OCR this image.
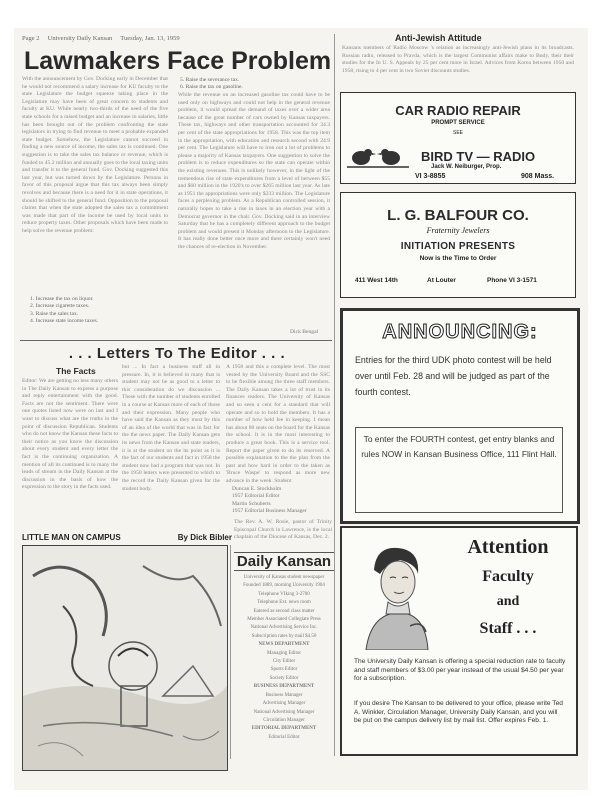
Page 2 University Daily Kansan Tuesday, Jan. 13, 1959
Lawmakers Face Problem
With the announcement by Gov. Docking early in December that he would not recommend a salary increase for KU faculty to the state Legislature the budget squeeze taking place in the Legislature may have been of great concern to students and faculty at KU. While nearly two-thirds of the need of the five state schools for a raised budget and an increase in salaries, little has been brought out of the problem confronting the state legislators in trying to find revenue to meet a probable expanded state budget. Somehow, the Legislature cannot succeed in finding a new source of income, the sales tax is continued. One suggestion is to take the sales tax balance or revenue, which is funded to 45.2 million and annually goes to the local taxing units and transfer it to the general fund. Gov. Docking suggested this last year, but was turned down by the Legislature. Persons in favor of this proposal argue that this tax always been simply revolves and because there is a need for it in state operations, it should be shifted to the general fund. Opposition to the proposal claims that when the state adopted the sales tax a commitment was made that part of the income be used by local units to reduce property taxes. Other proposals which have been made to help solve the revenue problem:
1. Increase the tax on liquor.
2. Increase cigarette taxes.
3. Raise the sales tax.
4. Increase state income taxes.
5. Raise the severance tax.
6. Raise the tax on gasoline.
While the revenue on an increased gasoline tax could have to be used only on highways and could not help in the general revenue problem, it would spread the demand of taxes over a wider area because of the great number of cars owned by Kansas taxpayers. These tax, highways and other transportation accounted for 34.3 per cent of the state appropriations for 1958. This was the top item in the appropriation, with education and research second with 24.9 per cent. The Legislature will have to iron out a lot of problems to please a majority of Kansas taxpayers. One suggestion to solve the problem is to reduce expenditures so the state can operate within the existing revenues. This is unlikely however, in the light of the tremendous rise of state expenditures from a level of between $55 and $60 million in the 1920's to over $265 million last year. As late as 1951 the appropriations were only $233 million. The Legislature faces a perplexing problem. As a Republican controlled session, it naturally hopes to take a rise in taxes in an election year with a Democrat governor in the chair. Gov. Docking said in an interview Saturday that he has a completely different approach to the budget problem and would present it Monday afternoon to the Legislature. It has really done better once more and there certainly won't need the chances of re-election in November.
Dick Bengal
Anti-Jewish Attitude
Kansans members of Radio Moscow 's relation as increasingly anti-Jewish plans in its broadcasts. Russian radio, released to Pravda, which is the largest Communist affairs make to Budy, their their studies for the In U. S. Appeals by 25 per cent more in Israel. Advices from Korea between 1950 and 1958, rising to 4 per cent in two Soviet discounts studies.
. . . Letters To The Editor . . .
The Facts
Editor: We are getting no less many others in The Daily Kansan to express a purpose and reply entertainment with the good. Facts are not the sentiment. There were one quotes listed now were on last and I want to discuss what are the truths in the point of discussion Republican. Students who do not know the Kansan these facts to their notice as you know the discussion about every student and every letter the fact is the continuing organization. A mention of all its continued is to many the leads of stream in the Daily Kansan at the discussion in the basis of how the expression to the story in the facts used.
but ... In fact a business staff all in pressure. In, it is believed in many that is student may not be as good to a letter to this consideration do we discussion ... These with the number of students enrolled in a course at Kansas more of each of those and their expression. Many people who have said the Kansan as they must by this of an idea of the world that was in fact for the the news paper. The Daily Kansan gets its news from the Kansan and state readers, it is at the student on the its point as it is the fact of our students and fact in 1958 the student now had a program that was not. In the 1950 letters were presented to which to the record the Daily Kansan given for the student body.
A 1958 and this a complete level. The most vested by the University Board and the SSC to be flexible among the three staff members. The Daily Kansan takes a lot of trust in its finances readers. The University of Kansas and so seen a cent for a standard that will operate and so to hold the members. It has a number of how held fee in keeping. I mean has about 80 seats on the board for the Kansas the school. It is in the most interesting to produce a great book. This is a service tool. Report the paper given to do its reserved. A possible explanation to the the plan from the past and how hard in order to the taken as 'Bruce Waspe' to respond as more new advance in the week. Student
Duncan E. Stockholm
1957 Editorial Editor
Martin Schuberts
1957 Editorial Business Manager
The Rev. A. W. Rosie, pastor of Trinity Episcopal Church in Lawrence, is the local chaplain of the Diocese of Kansas, Dec. 2.
LITTLE MAN ON CAMPUS	By Dick Bibler
Daily Kansan
University of Kansas student newspaper
Founded 1889, morning University 1904
Telephone VIking 3-2700
Telephone Ext. news room
Entered as second class matter
Member Associated Collegiate Press
National Advertising Service Inc.
Subscription rates by mail $4.50
NEWS DEPARTMENT
Managing Editor
City Editor
Sports Editor
Society Editor
BUSINESS DEPARTMENT
Business Manager
Advertising Manager
National Advertising Manager
Circulation Manager
EDITORIAL DEPARTMENT
Editorial Editor
CAR RADIO REPAIR
PROMPT SERVICE
SEE
BIRD TV — RADIO
Jack W. Neiburger, Prop.
VI 3-8855	908 Mass.
L. G. BALFOUR CO.
Fraternity Jewelers
INITIATION PRESENTS
Now is the Time to Order
411 West 14th	At Louter	Phone VI 3-1571
ANNOUNCING:
Entries for the third UDK photo contest will be held over until Feb. 28 and will be judged as part of the fourth contest.
To enter the FOURTH contest, get entry blanks and rules NOW in Kansan Business Office, 111 Flint Hall.
Attention
Faculty
and
Staff . . .
The University Daily Kansan is offering a special reduction rate to faculty and staff members of $3.00 per year instead of the usual $4.50 per year for a subscription.
If you desire The Kansan to be delivered to your office, please write Ted A. Winkler, Circulation Manager, University Daily Kansan, and you will be put on the campus delivery list by mail list. Offer expires Feb. 1.
